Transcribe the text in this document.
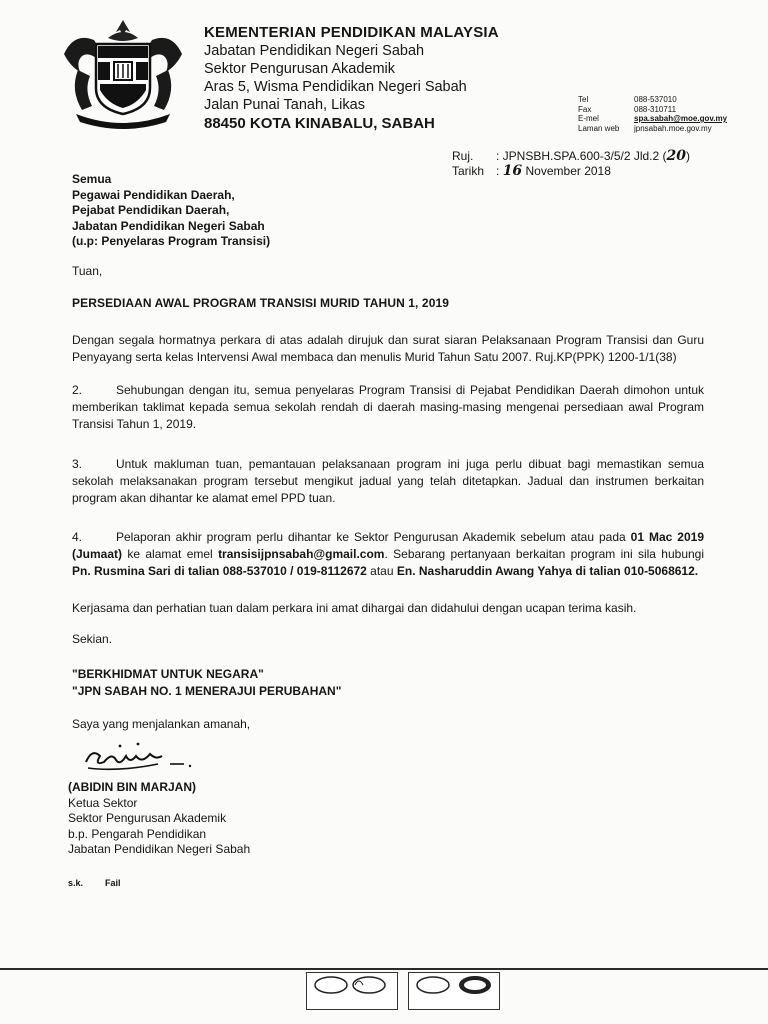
KEMENTERIAN PENDIDIKAN MALAYSIA
Jabatan Pendidikan Negeri Sabah
Sektor Pengurusan Akademik
Aras 5, Wisma Pendidikan Negeri Sabah
Jalan Punai Tanah, Likas
88450 KOTA KINABALU, SABAH
Tel	088-537010
Fax	088-310711
E-mel	spa.sabah@moe.gov.my
Laman web	jpnsabah.moe.gov.my
Ruj. : JPNSBH.SPA.600-3/5/2 Jld.2 (20)
Tarikh : 16 November 2018
Semua
Pegawai Pendidikan Daerah,
Pejabat Pendidikan Daerah,
Jabatan Pendidikan Negeri Sabah
(u.p: Penyelaras Program Transisi)
Tuan,
PERSEDIAAN AWAL PROGRAM TRANSISI MURID TAHUN 1, 2019
Dengan segala hormatnya perkara di atas adalah dirujuk dan surat siaran Pelaksanaan Program Transisi dan Guru Penyayang serta kelas Intervensi Awal membaca dan menulis Murid Tahun Satu 2007. Ruj.KP(PPK) 1200-1/1(38)
2.	Sehubungan dengan itu, semua penyelaras Program Transisi di Pejabat Pendidikan Daerah dimohon untuk memberikan taklimat kepada semua sekolah rendah di daerah masing-masing mengenai persediaan awal Program Transisi Tahun 1, 2019.
3.	Untuk makluman tuan, pemantauan pelaksanaan program ini juga perlu dibuat bagi memastikan semua sekolah melaksanakan program tersebut mengikut jadual yang telah ditetapkan. Jadual dan instrumen berkaitan program akan dihantar ke alamat emel PPD tuan.
4.	Pelaporan akhir program perlu dihantar ke Sektor Pengurusan Akademik sebelum atau pada 01 Mac 2019 (Jumaat) ke alamat emel transisijpnsabah@gmail.com. Sebarang pertanyaan berkaitan program ini sila hubungi Pn. Rusmina Sari di talian 088-537010 / 019-8112672 atau En. Nasharuddin Awang Yahya di talian 010-5068612.
Kerjasama dan perhatian tuan dalam perkara ini amat dihargai dan didahului dengan ucapan terima kasih.
Sekian.
"BERKHIDMAT UNTUK NEGARA"
"JPN SABAH NO. 1 MENERAJUI PERUBAHAN"
Saya yang menjalankan amanah,
(ABIDIN BIN MARJAN)
Ketua Sektor
Sektor Pengurusan Akademik
b.p. Pengarah Pendidikan
Jabatan Pendidikan Negeri Sabah
s.k. Fail
